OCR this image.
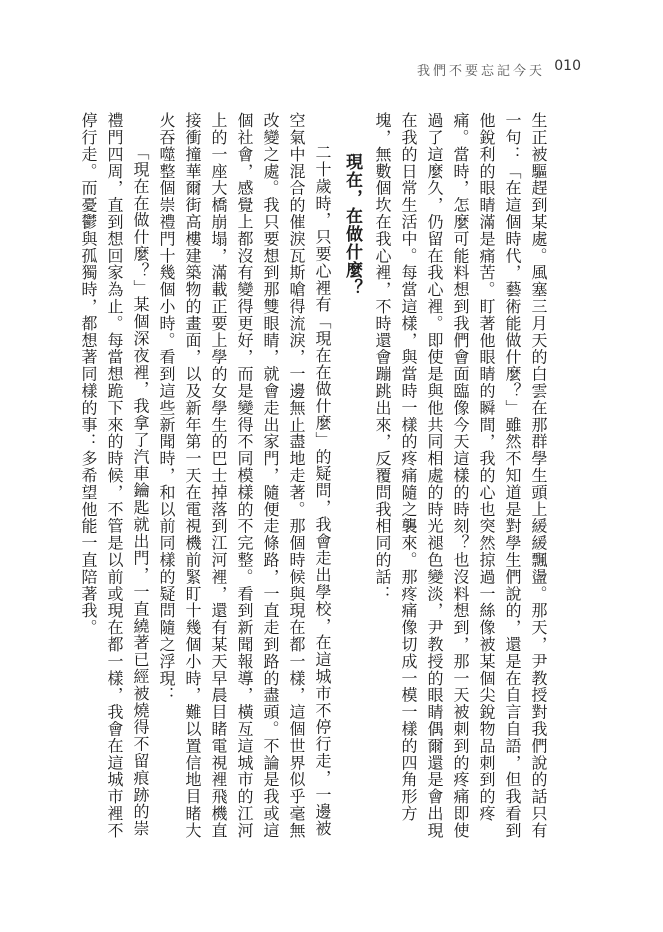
我們不要忘記今天 010

生正被驅趕到某處。風塞三月天的白雲在那群學生頭上緩緩飄盪。那天，尹教授對我們說的話只有一句：「在這個時代，藝術能做什麼？」雖然不知道是對學生們說的，還是在自言自語，但我看到他銳利的眼睛滿是痛苦。盯著他眼睛的瞬間，我的心也突然掠過一絲像被某個尖銳物品刺到的疼痛。當時，怎麼可能料想到我們會面臨像今天這樣的時刻？也沒料想到，那一天被刺到的疼痛即使過了這麼久，仍留在我心裡。即使是與他共同相處的時光褪色變淡，尹教授的眼睛偶爾還是會出現在我的日常生活中。每當這樣，與當時一樣的疼痛隨之襲來。那疼痛像切成一模一樣的四角形方塊，無數個坎在我心裡，不時還會蹦跳出來，反覆問我相同的話：

現在，在做什麼？

二十歲時，只要心裡有「現在在做什麼」的疑問，我會走出學校，在這城市不停行走，一邊被空氣中混合的催淚瓦斯嗆得流淚，一邊無止盡地走著。那個時候與現在都一樣，這個世界似乎毫無改變之處。我只要想到那雙眼睛，就會走出家門，隨便走條路，一直走到路的盡頭。不論是我或這個社會，感覺上都沒有變得更好，而是變得不同模樣的不完整。看到新聞報導，橫亙這城市的江河上的一座大橋崩塌，滿載正要上學的女學生的巴士掉落到江河裡，還有某天早晨目睹電視裡飛機直接衝撞華爾街高樓建築物的畫面，以及新年第一天在電視機前緊盯十幾個小時，難以置信地目睹大火吞噬整個崇禮門十幾個小時。看到這些新聞時，和以前同樣的疑問隨之浮現：

「現在在做什麼？」某個深夜裡，我拿了汽車鑰匙就出門，一直繞著已經被燒得不留痕跡的崇禮門四周，直到想回家為止。每當想跪下來的時候，不管是以前或現在都一樣，我會在這城市裡不停行走。而憂鬱與孤獨時，都想著同樣的事：多希望他能一直陪著我。
